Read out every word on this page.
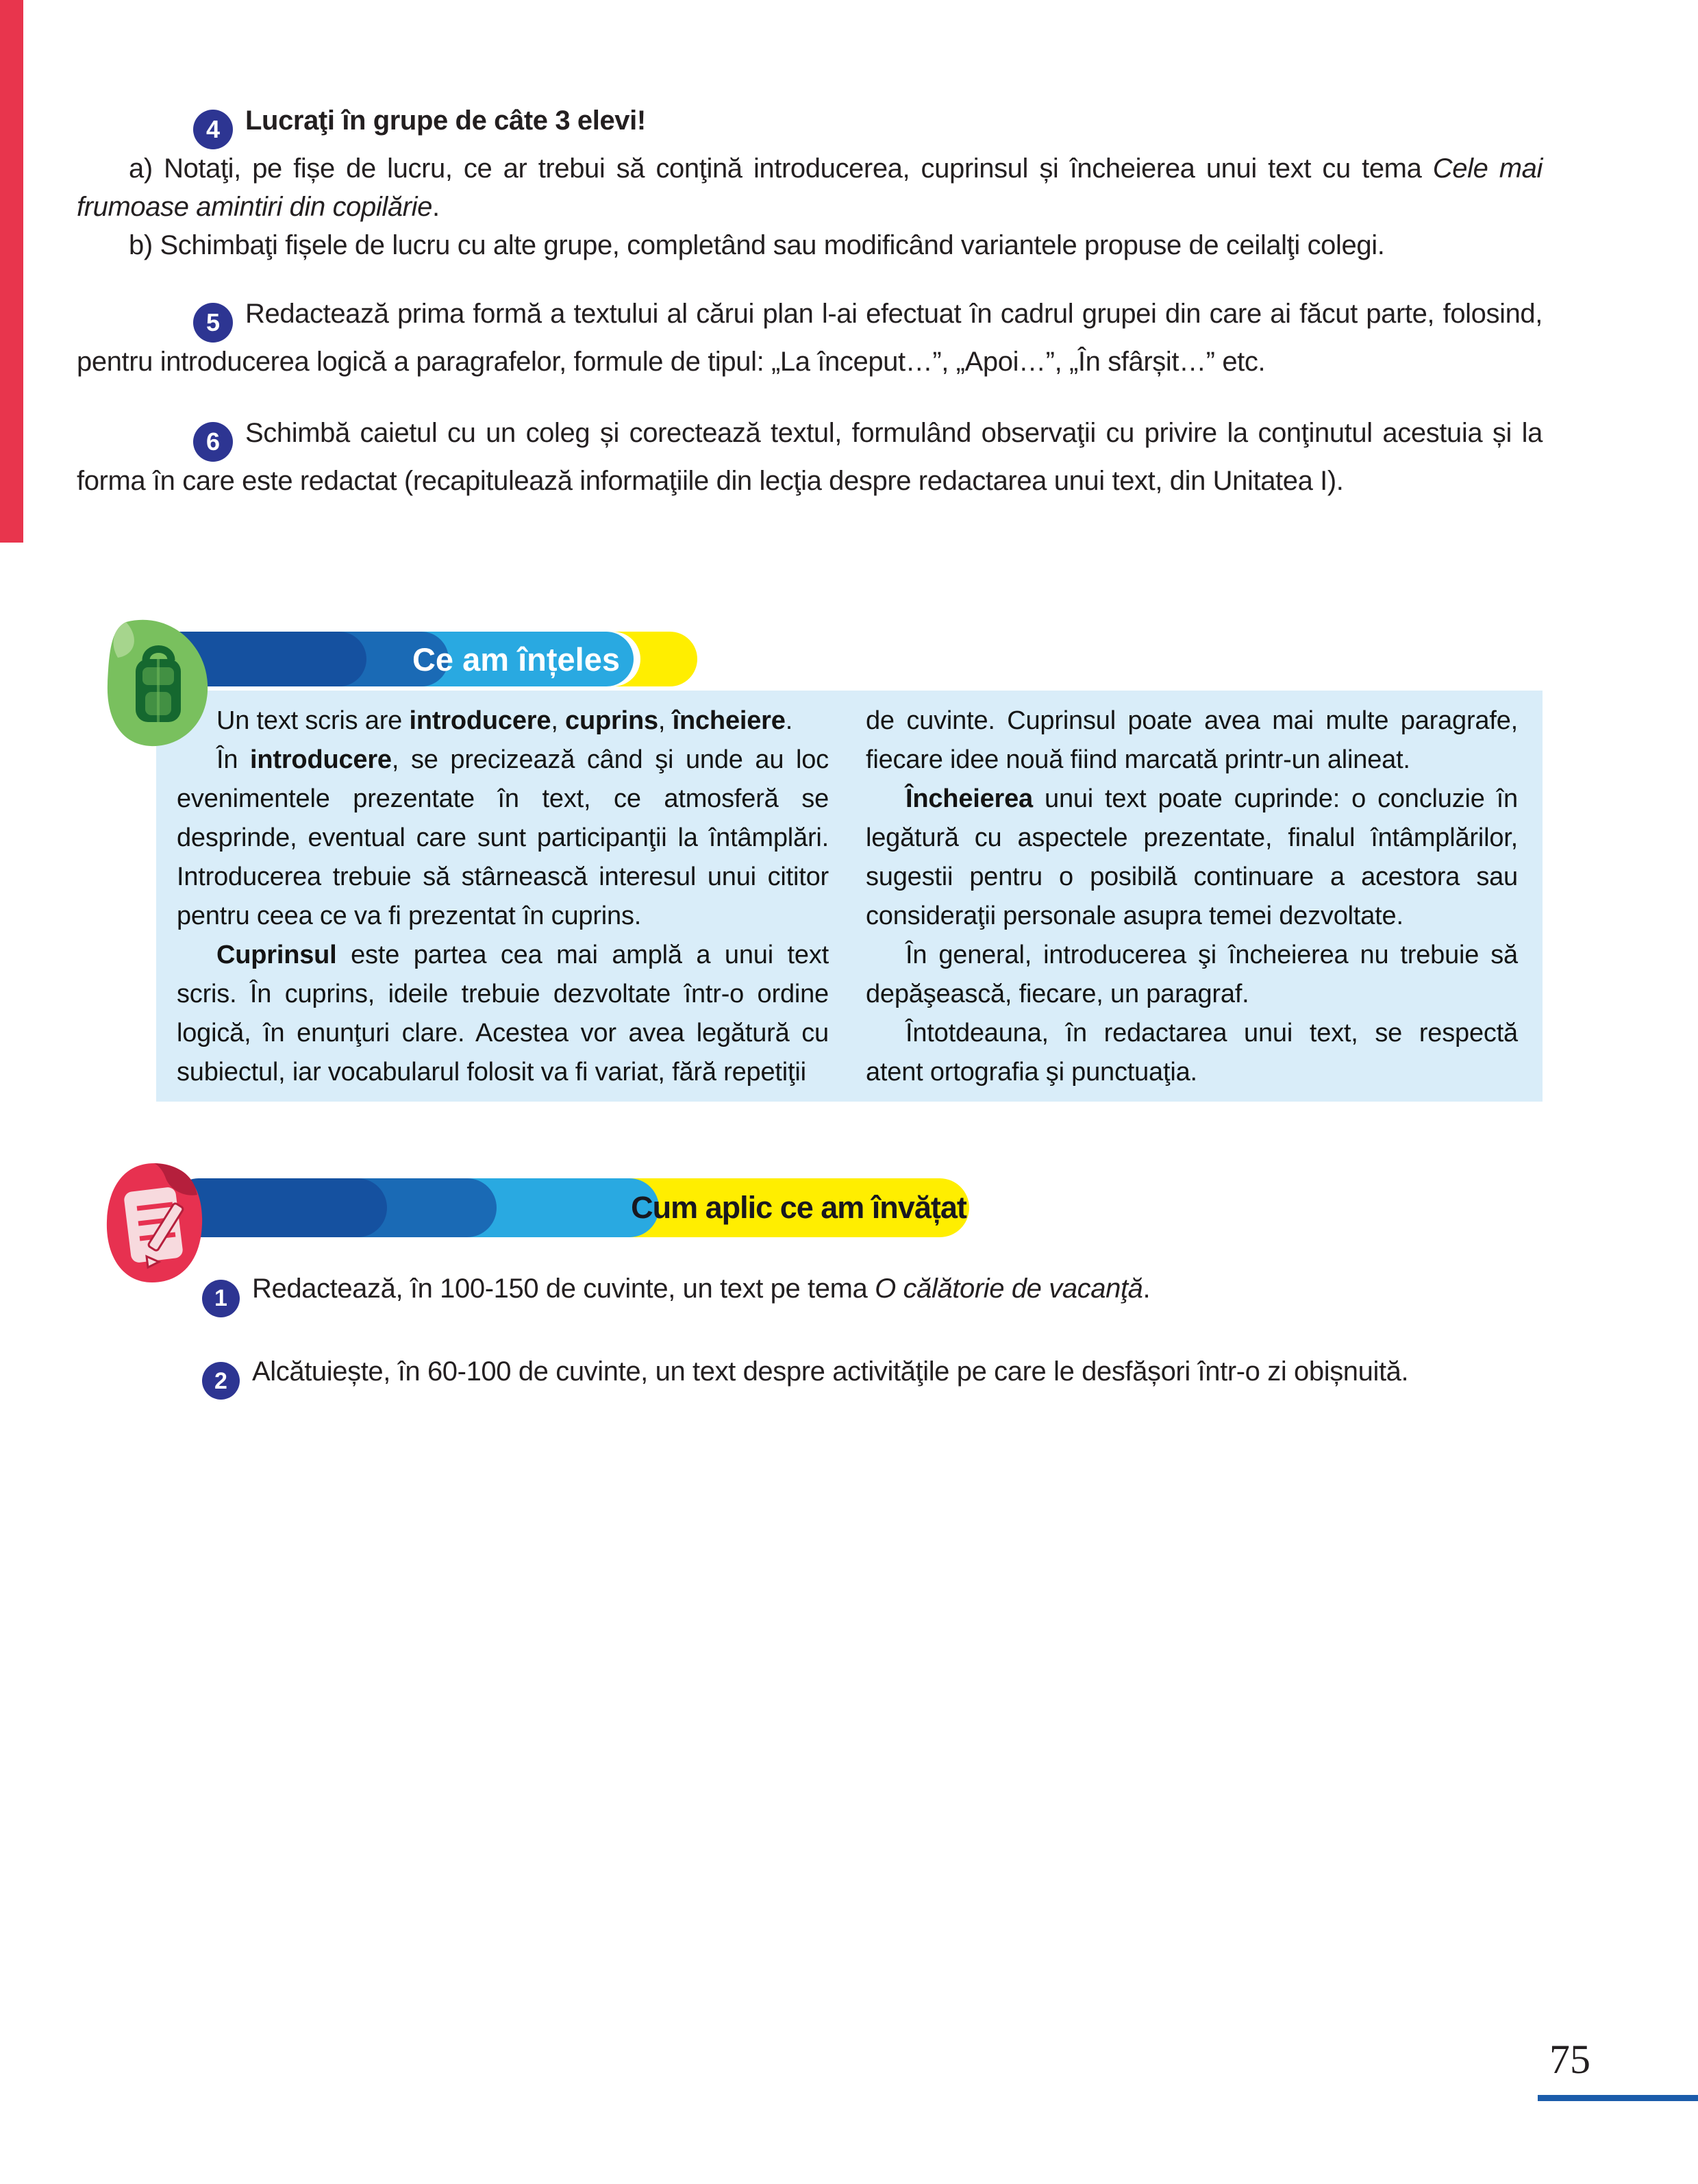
4 Lucraţi în grupe de câte 3 elevi!

a) Notaţi, pe fișe de lucru, ce ar trebui să conţină introducerea, cuprinsul și încheierea unui text cu tema Cele mai frumoase amintiri din copilărie.

b) Schimbaţi fișele de lucru cu alte grupe, completând sau modificând variantele propuse de ceilalţi colegi.

5 Redactează prima formă a textului al cărui plan l-ai efectuat în cadrul grupei din care ai făcut parte, folosind, pentru introducerea logică a paragrafelor, formule de tipul: „La început…”, „Apoi…”, „În sfârșit…” etc.

6 Schimbă caietul cu un coleg și corectează textul, formulând observaţii cu privire la conţinutul acestuia și la forma în care este redactat (recapitulează informaţiile din lecţia despre redactarea unui text, din Unitatea I).

Ce am înțeles

Un text scris are introducere, cuprins, încheiere.

În introducere, se precizează când şi unde au loc evenimentele prezentate în text, ce atmosferă se desprinde, eventual care sunt participanţii la întâmplări. Introducerea trebuie să stârnească interesul unui cititor pentru ceea ce va fi prezentat în cuprins.

Cuprinsul este partea cea mai amplă a unui text scris. În cuprins, ideile trebuie dezvoltate într-o ordine logică, în enunţuri clare. Acestea vor avea legătură cu subiectul, iar vocabularul folosit va fi variat, fără repetiţii

de cuvinte. Cuprinsul poate avea mai multe paragrafe, fiecare idee nouă fiind marcată printr-un alineat.

Încheierea unui text poate cuprinde: o concluzie în legătură cu aspectele prezentate, finalul întâmplărilor, sugestii pentru o posibilă continuare a acestora sau consideraţii personale asupra temei dezvoltate.

În general, introducerea şi încheierea nu trebuie să depăşească, fiecare, un paragraf.

Întotdeauna, în redactarea unui text, se respectă atent ortografia şi punctuaţia.

Cum aplic ce am învățat

1 Redactează, în 100-150 de cuvinte, un text pe tema O călătorie de vacanţă.

2 Alcătuiește, în 60-100 de cuvinte, un text despre activităţile pe care le desfășori într-o zi obișnuită.

75
